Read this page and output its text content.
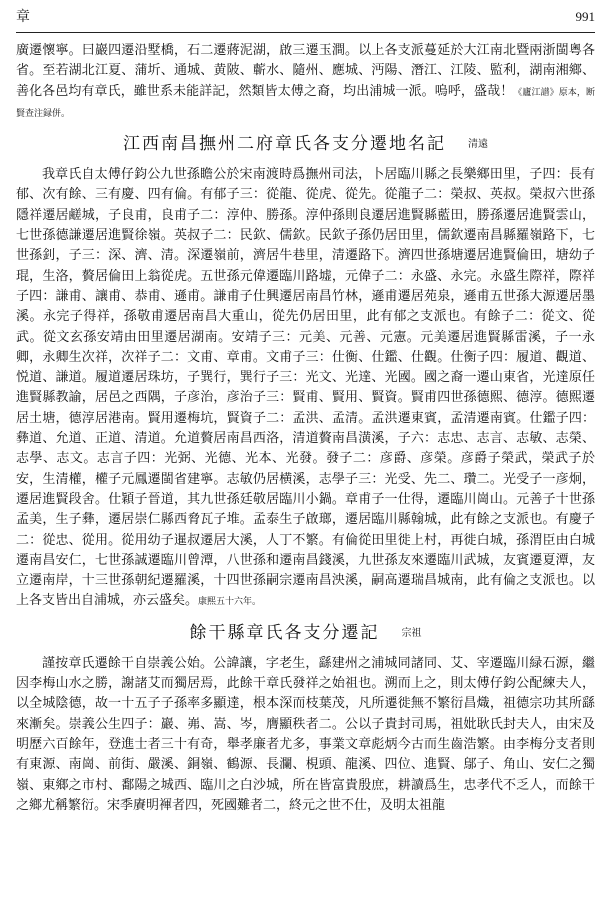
章	991

廣遷懷寧。曰巖四遷沿墅橋，石二遷蔣泥湖，啟三遷玉澗。以上各支派蔓延於大江南北暨兩浙閩粵各省。至若湖北江夏、蒲圻、通城、黄陂、蘄水、隨州、應城、沔陽、潛江、江陵、監利，湖南湘鄉、善化各邑均有章氏，雖世系未能詳記，然類皆太傅之裔，均出浦城一派。嗚呼，盛哉！《廬江譜》原本，断賢查注録併。

江西南昌撫州二府章氏各支分遷地名記 清遠

我章氏自太傅仔鈞公九世孫瞻公於宋南渡時爲撫州司法，卜居臨川縣之長樂鄉田里，子四：長有郁、次有餘、三有慶、四有倫。有郁子三：從龍、從虎、從先。從龍子二：榮叔、英叔。榮叔六世孫隱祥遷居鹺城，子良甫，良甫子二：淳仲、勝孫。淳仲孫則良遷居進賢縣藍田，勝孫遷居進賢雲山，七世孫德謙遷居進賢徐嶺。英叔子二：民欽、儒欽。民欽子孫仍居田里，儒欽遷南昌縣羅嶺路下，七世孫釗，子三：深、濟、清。深遷嶺前，濟居牛巷里，清遷路下。濟四世孫塘遷居進賢倫田，塘幼子琨，生洛，贅居倫田上翁從虎。五世孫元偉遷臨川路墟，元偉子二：永盛、永完。永盛生際祥，際祥子四：謙甫、讓甫、恭甫、遜甫。謙甫子仕興遷居南昌竹林，遜甫遷居苑泉，遜甫五世孫大源遷居墨溪。永完子得祥，孫敬甫遷居南昌大重山，從先仍居田里，此有郁之支派也。有餘子二：從文、從武。從文玄孫安靖由田里遷居湖南。安靖子三：元美、元善、元憲。元美遷居進賢縣雷溪，子一永卿，永卿生次祥，次祥子二：文甫、章甫。文甫子三：仕衡、仕鑑、仕觀。仕衡子四：履道、觀道、悦道、謙道。履道遷居珠坊，子巽行，巽行子三：光文、光達、光國。國之裔一遷山東省，光達原任進賢縣教諭，居邑之西隅，子彦治，彦治子三：賢甫、賢用、賢資。賢甫四世孫德熙、德淳。德熙遷居土塘，德淳居港南。賢用遷梅坑，賢資子二：孟洪、孟清。孟洪遷東賓，孟清遷南賓。仕鑑子四：彝道、允道、正道、清道。允道贅居南昌西洛，清道贅南昌潢溪，子六：志忠、志言、志敏、志榮、志學、志文。志言子四：光弼、光德、光本、光發。發子二：彦爵、彦榮。彦爵子榮武，榮武子於安，生清權，權子元鳳遷閩省建寧。志敏仍居横溪，志學子三：光受、先二、瓚二。光受子一彦炯，遷居進賢段舍。仕穎子晉道，其九世孫廷敬居臨川小鍋。章甫子一仕得，遷臨川崗山。元善子十世孫孟美，生子彝，遷居崇仁縣西脅瓦子堆。孟泰生子啟瑯，遷居臨川縣翰城，此有餘之支派也。有慶子二：從忠、從用。從用幼子暹叔遷居大溪，人丁不繁。有倫從田里徙上村，再徙白城，孫渭臣由白城遷南昌安仁，七世孫誠遷臨川曾潭，八世孫和遷南昌錢溪，九世孫友來遷臨川武城，友賓遷夏潭，友立遷南岸，十三世孫朝紀遷羅溪，十四世孫嗣宗遷南昌泱溪，嗣高遷瑞昌城南，此有倫之支派也。以上各支皆出自浦城，亦云盛矣。康熙五十六年。

餘干縣章氏各支分遷記 宗祖

謹按章氏遷餘干自崇義公始。公諱讓，字老生，繇建州之浦城同諸同、艾、宰遷臨川緑石源，繼因李梅山水之勝，謝諸艾而獨居焉，此餘干章氏發祥之始祖也。溯而上之，則太傅仔鈞公配練夫人，以全城陰德，故一十五子子孫率多顯達，根本深而枝葉茂，凡所遷徙無不繁衍昌熾，祖德宗功其所繇來漸矣。崇義公生四子：巖、岪、嵩、岑，膺顯秩者二。公以子貴封司馬，祖妣耿氏封夫人，由宋及明歷六百餘年，登進士者三十有奇，舉孝廉者尤多，事業文章彪炳今古而生齒浩繁。由李梅分支者則有東源、南崗、前街、嚴溪、銅嶺、鶴源、長瀾、梘頭、龍溪、四位、進賢、鄔子、角山、安仁之獨嶺、東鄉之市村、鄱陽之城西、臨川之白沙城，所在皆富貴殷庶，耕讀爲生，忠孝代不乏人，而餘干之鄉尤稱繁衍。宋季賡明褌者四，死國難者二，終元之世不仕，及明太祖龍
